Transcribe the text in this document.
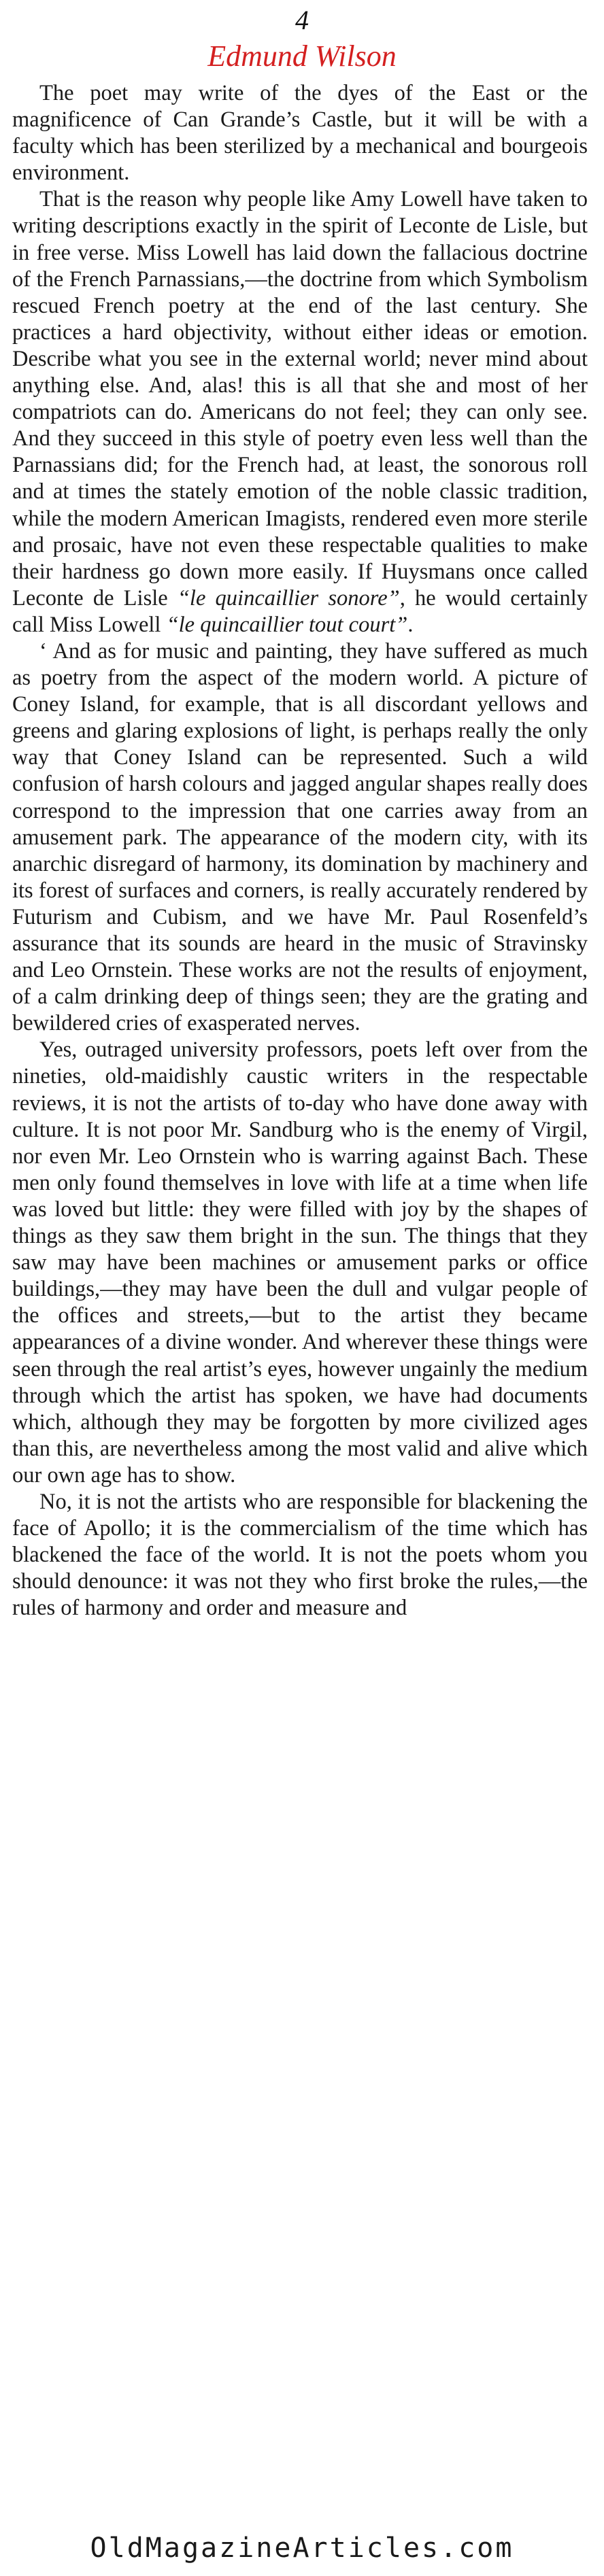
4
Edmund Wilson

The poet may write of the dyes of the East or the magnificence of Can Grande’s Castle, but it will be with a faculty which has been sterilized by a mechanical and bourgeois environment.

That is the reason why people like Amy Lowell have taken to writing descriptions exactly in the spirit of Leconte de Lisle, but in free verse. Miss Lowell has laid down the fallacious doctrine of the French Parnassians,—the doctrine from which Symbolism rescued French poetry at the end of the last century. She practices a hard objectivity, without either ideas or emotion. Describe what you see in the external world; never mind about anything else. And, alas! this is all that she and most of her compatriots can do. Americans do not feel; they can only see. And they succeed in this style of poetry even less well than the Parnassians did; for the French had, at least, the sonorous roll and at times the stately emotion of the noble classic tradition, while the modern American Imagists, rendered even more sterile and prosaic, have not even these respectable qualities to make their hardness go down more easily. If Huysmans once called Leconte de Lisle “le quincaillier sonore”, he would certainly call Miss Lowell “le quincaillier tout court”.

‘ And as for music and painting, they have suffered as much as poetry from the aspect of the modern world. A picture of Coney Island, for example, that is all discordant yellows and greens and glaring explosions of light, is perhaps really the only way that Coney Island can be represented. Such a wild confusion of harsh colours and jagged angular shapes really does correspond to the impression that one carries away from an amusement park. The appearance of the modern city, with its anarchic disregard of harmony, its domination by machinery and its forest of surfaces and corners, is really accurately rendered by Futurism and Cubism, and we have Mr. Paul Rosenfeld’s assurance that its sounds are heard in the music of Stravinsky and Leo Ornstein. These works are not the results of enjoyment, of a calm drinking deep of things seen; they are the grating and bewildered cries of exasperated nerves.

Yes, outraged university professors, poets left over from the nineties, old-maidishly caustic writers in the respectable reviews, it is not the artists of to-day who have done away with culture. It is not poor Mr. Sandburg who is the enemy of Virgil, nor even Mr. Leo Ornstein who is warring against Bach. These men only found themselves in love with life at a time when life was loved but little: they were filled with joy by the shapes of things as they saw them bright in the sun. The things that they saw may have been machines or amusement parks or office buildings,—they may have been the dull and vulgar people of the offices and streets,—but to the artist they became appearances of a divine wonder. And wherever these things were seen through the real artist’s eyes, however ungainly the medium through which the artist has spoken, we have had documents which, although they may be forgotten by more civilized ages than this, are nevertheless among the most valid and alive which our own age has to show.

No, it is not the artists who are responsible for blackening the face of Apollo; it is the commercialism of the time which has blackened the face of the world. It is not the poets whom you should denounce: it was not they who first broke the rules,—the rules of harmony and order and measure and

OldMagazineArticles.com
